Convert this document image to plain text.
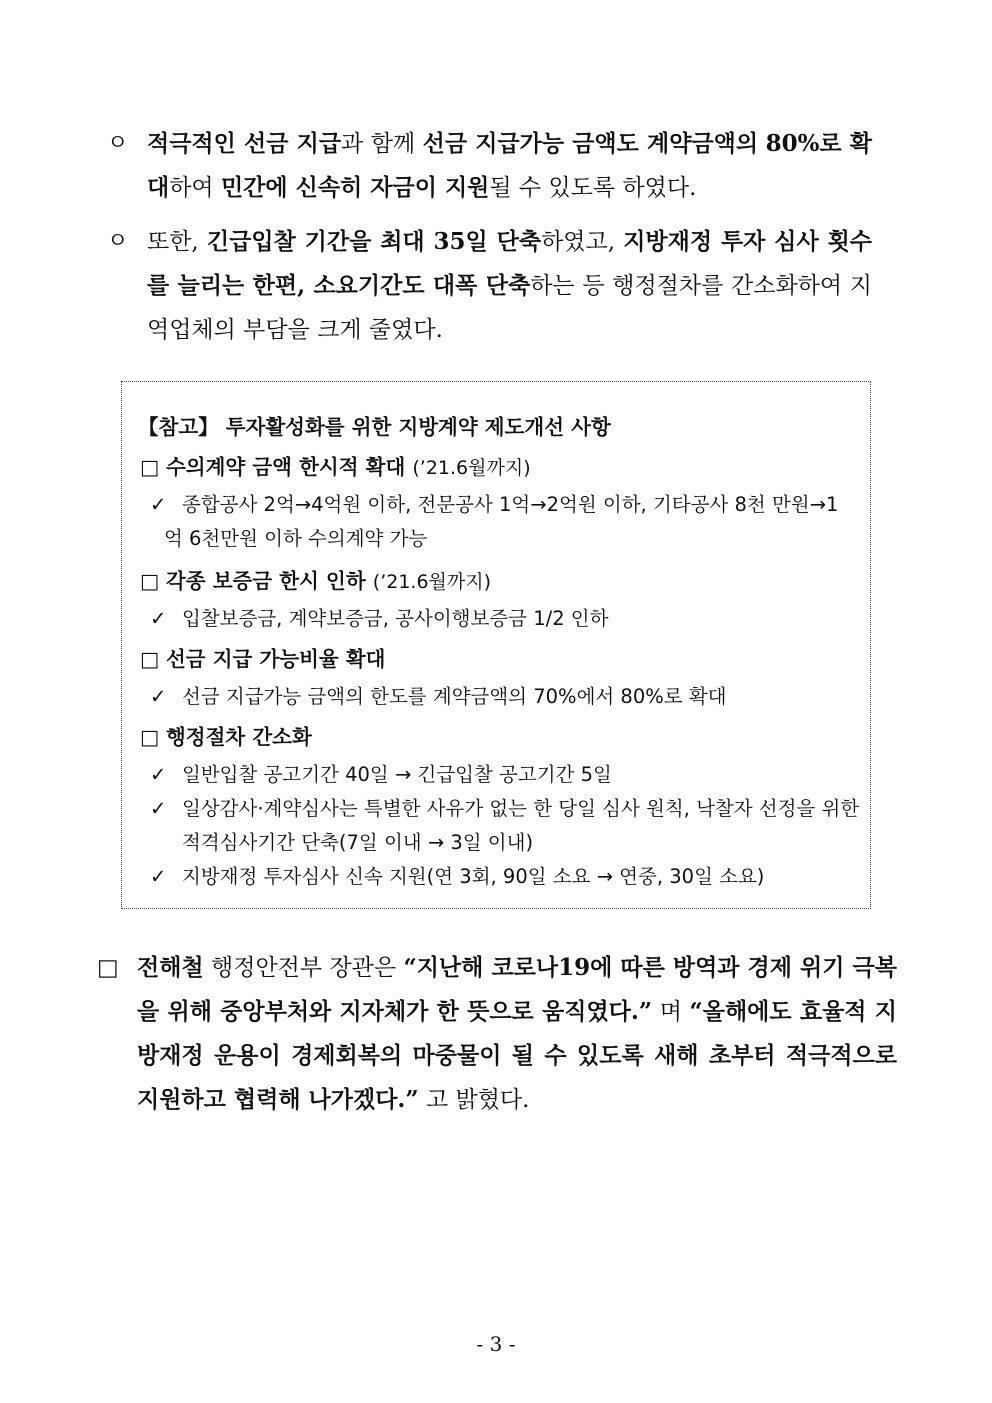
ㅇ 적극적인 선금 지급과 함께 선금 지급가능 금액도 계약금액의 80%로 확대하여 민간에 신속히 자금이 지원될 수 있도록 하였다.
ㅇ 또한, 긴급입찰 기간을 최대 35일 단축하였고, 지방재정 투자 심사 횟수를 늘리는 한편, 소요기간도 대폭 단축하는 등 행정절차를 간소화하여 지역업체의 부담을 크게 줄였다.
【참고】 투자활성화를 위한 지방계약 제도개선 사항
□ 수의계약 금액 한시적 확대 (’21.6월까지)
✓ 종합공사 2억→4억원 이하, 전문공사 1억→2억원 이하, 기타공사 8천 만원→1억 6천만원 이하 수의계약 가능
□ 각종 보증금 한시 인하 (’21.6월까지)
✓ 입찰보증금, 계약보증금, 공사이행보증금 1/2 인하
□ 선금 지급 가능비율 확대
✓ 선금 지급가능 금액의 한도를 계약금액의 70%에서 80%로 확대
□ 행정절차 간소화
✓ 일반입찰 공고기간 40일 → 긴급입찰 공고기간 5일
✓ 일상감사·계약심사는 특별한 사유가 없는 한 당일 심사 원칙, 낙찰자 선정을 위한 적격심사기간 단축(7일 이내 → 3일 이내)
✓ 지방재정 투자심사 신속 지원(연 3회, 90일 소요 → 연중, 30일 소요)
□ 전해철 행정안전부 장관은 “지난해 코로나19에 따른 방역과 경제 위기 극복을 위해 중앙부처와 지자체가 한 뜻으로 움직였다.” 며 “올해에도 효율적 지방재정 운용이 경제회복의 마중물이 될 수 있도록 새해 초부터 적극적으로 지원하고 협력해 나가겠다.” 고 밝혔다.
- 3 -
